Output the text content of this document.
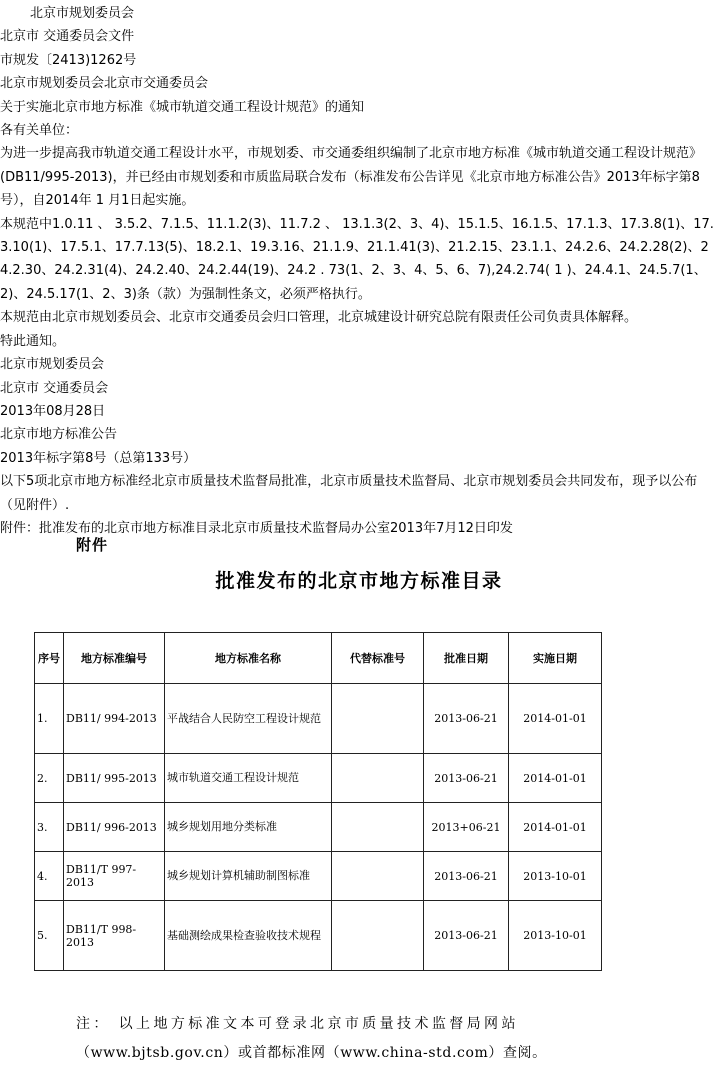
北京市规划委员会

北京市 交通委员会文件

市规发〔2413)1262号

北京市规划委员会北京市交通委员会

关于实施北京市地方标准《城市轨道交通工程设计规范》的通知

各有关单位：

为进一步提高我市轨道交通工程设计水平，市规划委、市交通委组织编制了北京市地方标准《城市轨道交通工程设计规范》(DB11/995-2013)，并已经由市规划委和市质监局联合发布（标准发布公告详见《北京市地方标准公告》2013年标字第8号），自2014年 1 月1日起实施。

本规范中1.0.11 、 3.5.2、7.1.5、11.1.2(3)、11.7.2 、 13.1.3(2、3、4)、15.1.5、16.1.5、17.1.3、17.3.8(1)、17.3.10(1)、17.5.1、17.7.13(5)、18.2.1、19.3.16、21.1.9、21.1.41(3)、21.2.15、23.1.1、24.2.6、24.2.28(2)、24.2.30、24.2.31(4)、24.2.40、24.2.44(19)、24.2 . 73(1、2、3、4、5、6、7),24.2.74( 1 )、24.4.1、24.5.7(1、2)、24.5.17(1、2、3)条（款）为强制性条文，必须严格执行。

本规范由北京市规划委员会、北京市交通委员会归口管理，北京城建设计研究总院有限责任公司负责具体解释。

特此通知。

北京市规划委员会

北京市 交通委员会

2013年08月28日

北京市地方标准公告

2013年标字第8号（总第133号）

以下5项北京市地方标准经北京市质量技术监督局批准，北京市质量技术监督局、北京市规划委员会共同发布，现予以公布（见附件）.

附件：批准发布的北京市地方标准目录北京市质量技术监督局办公室2013年7月12日印发

附件
批准发布的北京市地方标准目录
序号	地方标准编号	地方标准名称	代替标准号	批准日期	实施日期
1.	DB11/ 994-2013	平战结合人民防空工程设计规范		2013-06-21	2014-01-01
2.	DB11/ 995-2013	城市轨道交通工程设计规范		2013-06-21	2014-01-01
3.	DB11/ 996-2013	城乡规划用地分类标准		2013+06-21	2014-01-01
4.	DB11/T 997-2013	城乡规划计算机辅助制图标准		2013-06-21	2013-10-01
5.	DB11/T 998-2013	基础测绘成果检查验收技术规程		2013-06-21	2013-10-01
注： 以上地方标准文本可登录北京市质量技术监督局网站
（www.bjtsb.gov.cn）或首都标准网（www.china-std.com）查阅。
